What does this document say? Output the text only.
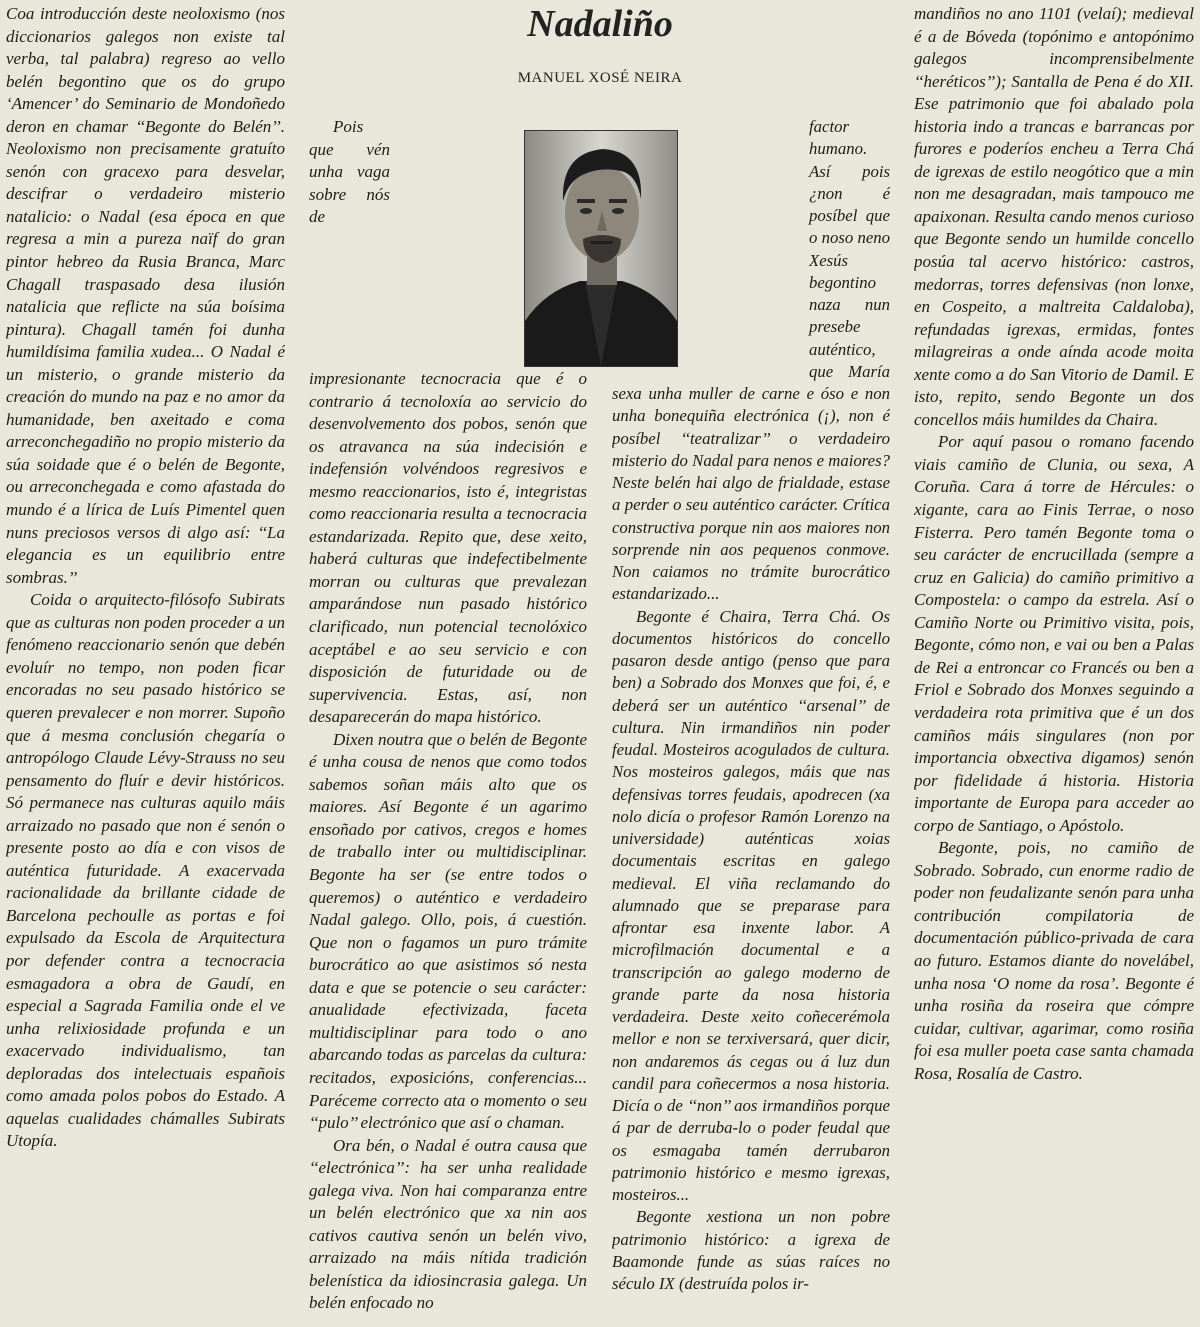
Nadaliño
MANUEL XOSÉ NEIRA

Coa introducción deste neoloxismo (nos diccionarios galegos non existe tal verba, tal palabra) regreso ao vello belén begontino que os do grupo ‘Amencer’ do Seminario de Mondoñedo deron en chamar ‘‘Begonte do Belén’’. Neoloxismo non precisamente gratuíto senón con gracexo para desvelar, descifrar o verdadeiro misterio natalicio: o Nadal (esa época en que regresa a min a pureza naïf do gran pintor hebreo da Rusia Branca, Marc Chagall traspasado desa ilusión natalicia que reflicte na súa boísima pintura). Chagall tamén foi dunha humildísima familia xudea... O Nadal é un misterio, o grande misterio da creación do mundo na paz e no amor da humanidade, ben axeitado e coma arreconchegadiño no propio misterio da súa soidade que é o belén de Begonte, ou arreconchegada e como afastada do mundo é a lírica de Luís Pimentel quen nuns preciosos versos di algo así: ‘‘La elegancia es un equilibrio entre sombras.’’

Coida o arquitecto-filósofo Subirats que as culturas non poden proceder a un fenómeno reaccionario senón que debén evoluír no tempo, non poden ficar encoradas no seu pasado histórico se queren prevalecer e non morrer. Supoño que á mesma conclusión chegaría o antropólogo Claude Lévy-Strauss no seu pensamento do fluír e devir históricos. Só permanece nas culturas aquilo máis arraizado no pasado que non é senón o presente posto ao día e con visos de auténtica futuridade. A exacervada racionalidade da brillante cidade de Barcelona pechoulle as portas e foi expulsado da Escola de Arquitectura por defender contra a tecnocracia esmagadora a obra de Gaudí, en especial a Sagrada Familia onde el ve unha relixiosidade profunda e un exacervado individualismo, tan deploradas dos intelectuais españois como amada polos pobos do Estado. A aquelas cualidades chámalles Subirats Utopía.

Pois que vén unha vaga sobre nós de impresionante tecnocracia que é o contrario á tecnoloxía ao servicio do desenvolvemento dos pobos, senón que os atravanca na súa indecisión e indefensión volvéndoos regresivos e mesmo reaccionarios, isto é, integristas como reaccionaria resulta a tecnocracia estandarizada. Repito que, dese xeito, haberá culturas que indefectibelmente morran ou culturas que prevalezan amparándose nun pasado histórico clarificado, nun potencial tecnolóxico aceptábel e ao seu servicio e con disposición de futuridade ou de supervivencia. Estas, así, non desaparecerán do mapa histórico.

Dixen noutra que o belén de Begonte é unha cousa de nenos que como todos sabemos soñan máis alto que os maiores. Así Begonte é un agarimo ensoñado por cativos, cregos e homes de traballo inter ou multidisciplinar. Begonte ha ser (se entre todos o queremos) o auténtico e verdadeiro Nadal galego. Ollo, pois, á cuestión. Que non o fagamos un puro trámite burocrático ao que asistimos só nesta data e que se potencie o seu carácter: anualidade efectivizada, faceta multidisciplinar para todo o ano abarcando todas as parcelas da cultura: recitados, exposicións, conferencias... Paréceme correcto ata o momento o seu ‘‘pulo’’ electrónico que así o chaman.

Ora bén, o Nadal é outra causa que ‘‘electrónica’’: ha ser unha realidade galega viva. Non hai comparanza entre un belén electrónico que xa nin aos cativos cautiva senón un belén vivo, arraizado na máis nítida tradición belenística da idiosincrasia galega. Un belén enfocado no

factor humano. Así pois ¿non é posíbel que o noso neno Xesús begontino naza nun presebe auténtico, que María sexa unha muller de carne e óso e non unha bonequiña electrónica (¡), non é posíbel ‘‘teatralizar’’ o verdadeiro misterio do Nadal para nenos e maiores? Neste belén hai algo de frialdade, estase a perder o seu auténtico carácter. Crítica constructiva porque nin aos maiores non sorprende nin aos pequenos conmove. Non caiamos no trámite burocrático estandarizado...

Begonte é Chaira, Terra Chá. Os documentos históricos do concello pasaron desde antigo (penso que para ben) a Sobrado dos Monxes que foi, é, e deberá ser un auténtico ‘‘arsenal’’ de cultura. Nin irmandiños nin poder feudal. Mosteiros acogulados de cultura. Nos mosteiros galegos, máis que nas defensivas torres feudais, apodrecen (xa nolo dicía o profesor Ramón Lorenzo na universidade) auténticas xoias documentais escritas en galego medieval. El viña reclamando do alumnado que se preparase para afrontar esa inxente labor. A microfilmación documental e a transcripción ao galego moderno de grande parte da nosa historia verdadeira. Deste xeito coñecerémola mellor e non se terxiversará, quer dicir, non andaremos ás cegas ou á luz dun candil para coñecermos a nosa historia. Dicía o de ‘‘non’’ aos irmandiños porque á par de derruba-lo o poder feudal que os esmagaba tamén derrubaron patrimonio histórico e mesmo igrexas, mosteiros...

Begonte xestiona un non pobre patrimonio histórico: a igrexa de Baamonde funde as súas raíces no século IX (destruída polos ir-

mandiños no ano 1101 (velaí); medieval é a de Bóveda (topónimo e antopónimo galegos incomprensibelmente ‘‘heréticos’’); Santalla de Pena é do XII. Ese patrimonio que foi abalado pola historia indo a trancas e barrancas por furores e poderíos encheu a Terra Chá de igrexas de estilo neogótico que a min non me desagradan, mais tampouco me apaixonan. Resulta cando menos curioso que Begonte sendo un humilde concello posúa tal acervo histórico: castros, medorras, torres defensivas (non lonxe, en Cospeito, a maltreita Caldaloba), refundadas igrexas, ermidas, fontes milagreiras a onde aínda acode moita xente como a do San Vitorio de Damil. E isto, repito, sendo Begonte un dos concellos máis humildes da Chaira.

Por aquí pasou o romano facendo viais camiño de Clunia, ou sexa, A Coruña. Cara á torre de Hércules: o xigante, cara ao Finis Terrae, o noso Fisterra. Pero tamén Begonte toma o seu carácter de encrucillada (sempre a cruz en Galicia) do camiño primitivo a Compostela: o campo da estrela. Así o Camiño Norte ou Primitivo visita, pois, Begonte, cómo non, e vai ou ben a Palas de Rei a entroncar co Francés ou ben a Friol e Sobrado dos Monxes seguindo a verdadeira rota primitiva que é un dos camiños máis singulares (non por importancia obxectiva digamos) senón por fidelidade á historia. Historia importante de Europa para acceder ao corpo de Santiago, o Apóstolo.

Begonte, pois, no camiño de Sobrado. Sobrado, cun enorme radio de poder non feudalizante senón para unha contribución compilatoria de documentación público-privada de cara ao futuro. Estamos diante do novelábel, unha nosa ‘O nome da rosa’. Begonte é unha rosiña da roseira que cómpre cuidar, cultivar, agarimar, como rosiña foi esa muller poeta case santa chamada Rosa, Rosalía de Castro.
